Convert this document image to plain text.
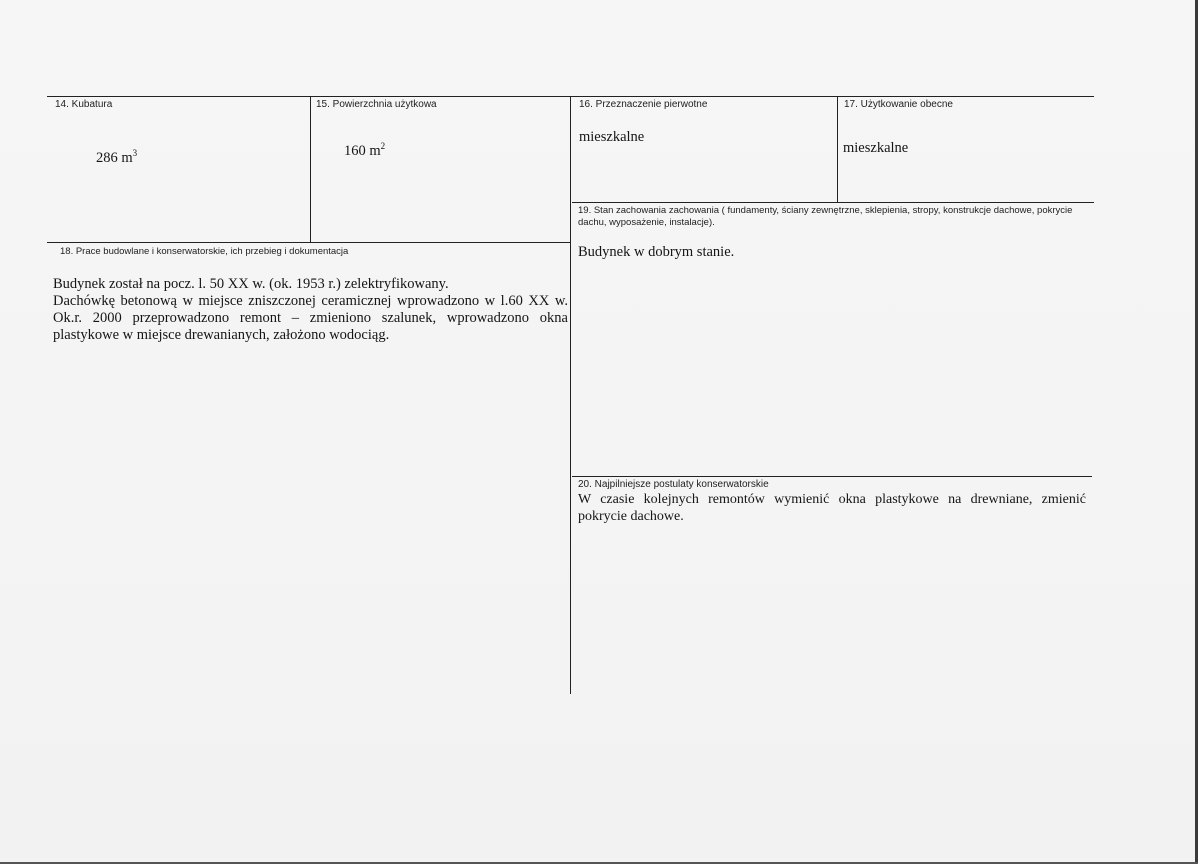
14. Kubatura
286 $m^3$
15. Powierzchnia użytkowa
160 $m^2$
16. Przeznaczenie pierwotne
mieszkalne
17. Użytkowanie obecne
mieszkalne
19. Stan zachowania zachowania ( fundamenty, ściany zewnętrzne, sklepienia, stropy, konstrukcje dachowe, pokrycie dachu, wyposażenie, instalacje).
Budynek w dobrym stanie.
18. Prace budowlane i konserwatorskie, ich przebieg i dokumentacja
Budynek został na pocz. l. 50 XX w. (ok. 1953 r.) zelektryfikowany.
Dachówkę betonową w miejsce zniszczonej ceramicznej wprowadzono w l.60 XX w. Ok.r. 2000 przeprowadzono remont – zmieniono szalunek, wprowadzono okna plastykowe w miejsce drewanianych, założono wodociąg.
20. Najpilniejsze postulaty konserwatorskie
W czasie kolejnych remontów wymienić okna plastykowe na drewniane, zmienić pokrycie dachowe.
